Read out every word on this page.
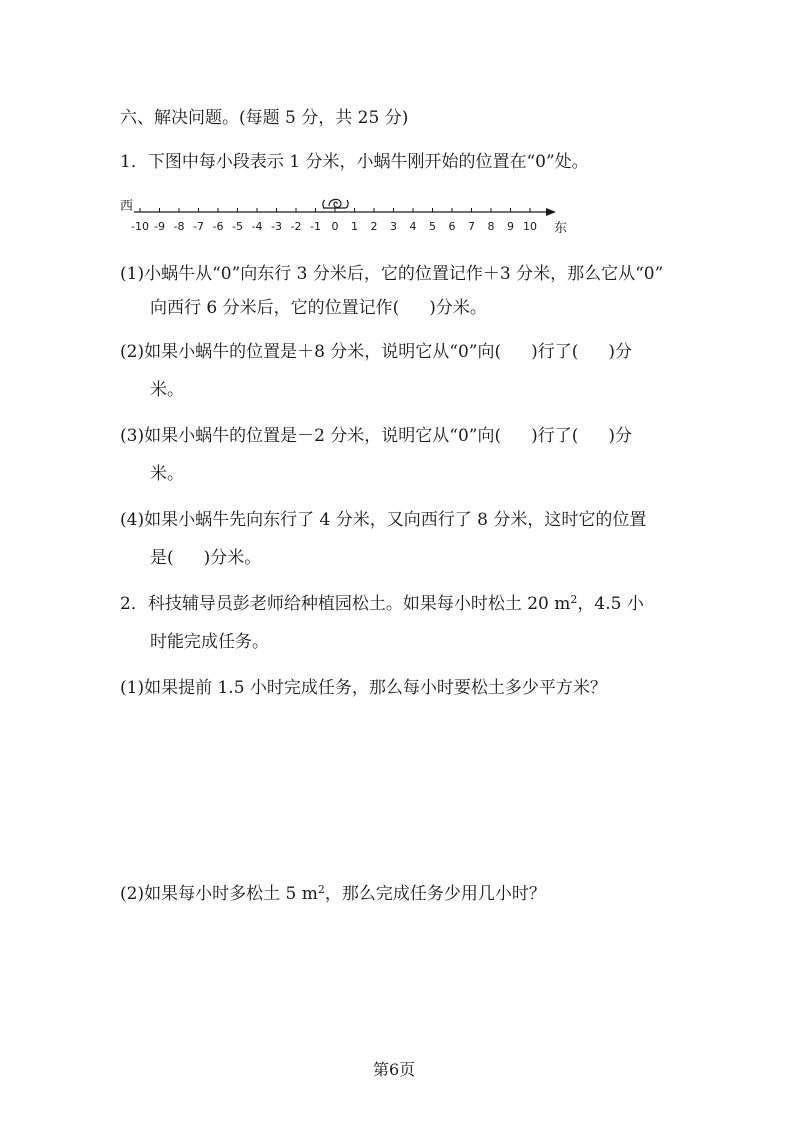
六、解决问题。(每题 5 分，共 25 分)
1．下图中每小段表示 1 分米，小蜗牛刚开始的位置在“0”处。
西
东
-10 -9 -8 -7 -6 -5 -4 -3 -2 -1 0 1 2 3 4 5 6 7 8 9 10
(1)小蜗牛从“0”向东行 3 分米后，它的位置记作＋3 分米，那么它从“0”
向西行 6 分米后，它的位置记作( )分米。
(2)如果小蜗牛的位置是＋8 分米，说明它从“0”向( )行了( )分
米。
(3)如果小蜗牛的位置是－2 分米，说明它从“0”向( )行了( )分
米。
(4)如果小蜗牛先向东行了 4 分米，又向西行了 8 分米，这时它的位置
是( )分米。
2．科技辅导员彭老师给种植园松土。如果每小时松土 20 $m^2$，4.5 小
时能完成任务。
(1)如果提前 1.5 小时完成任务，那么每小时要松土多少平方米？
(2)如果每小时多松土 5 $m^2$，那么完成任务少用几小时？
第6页
